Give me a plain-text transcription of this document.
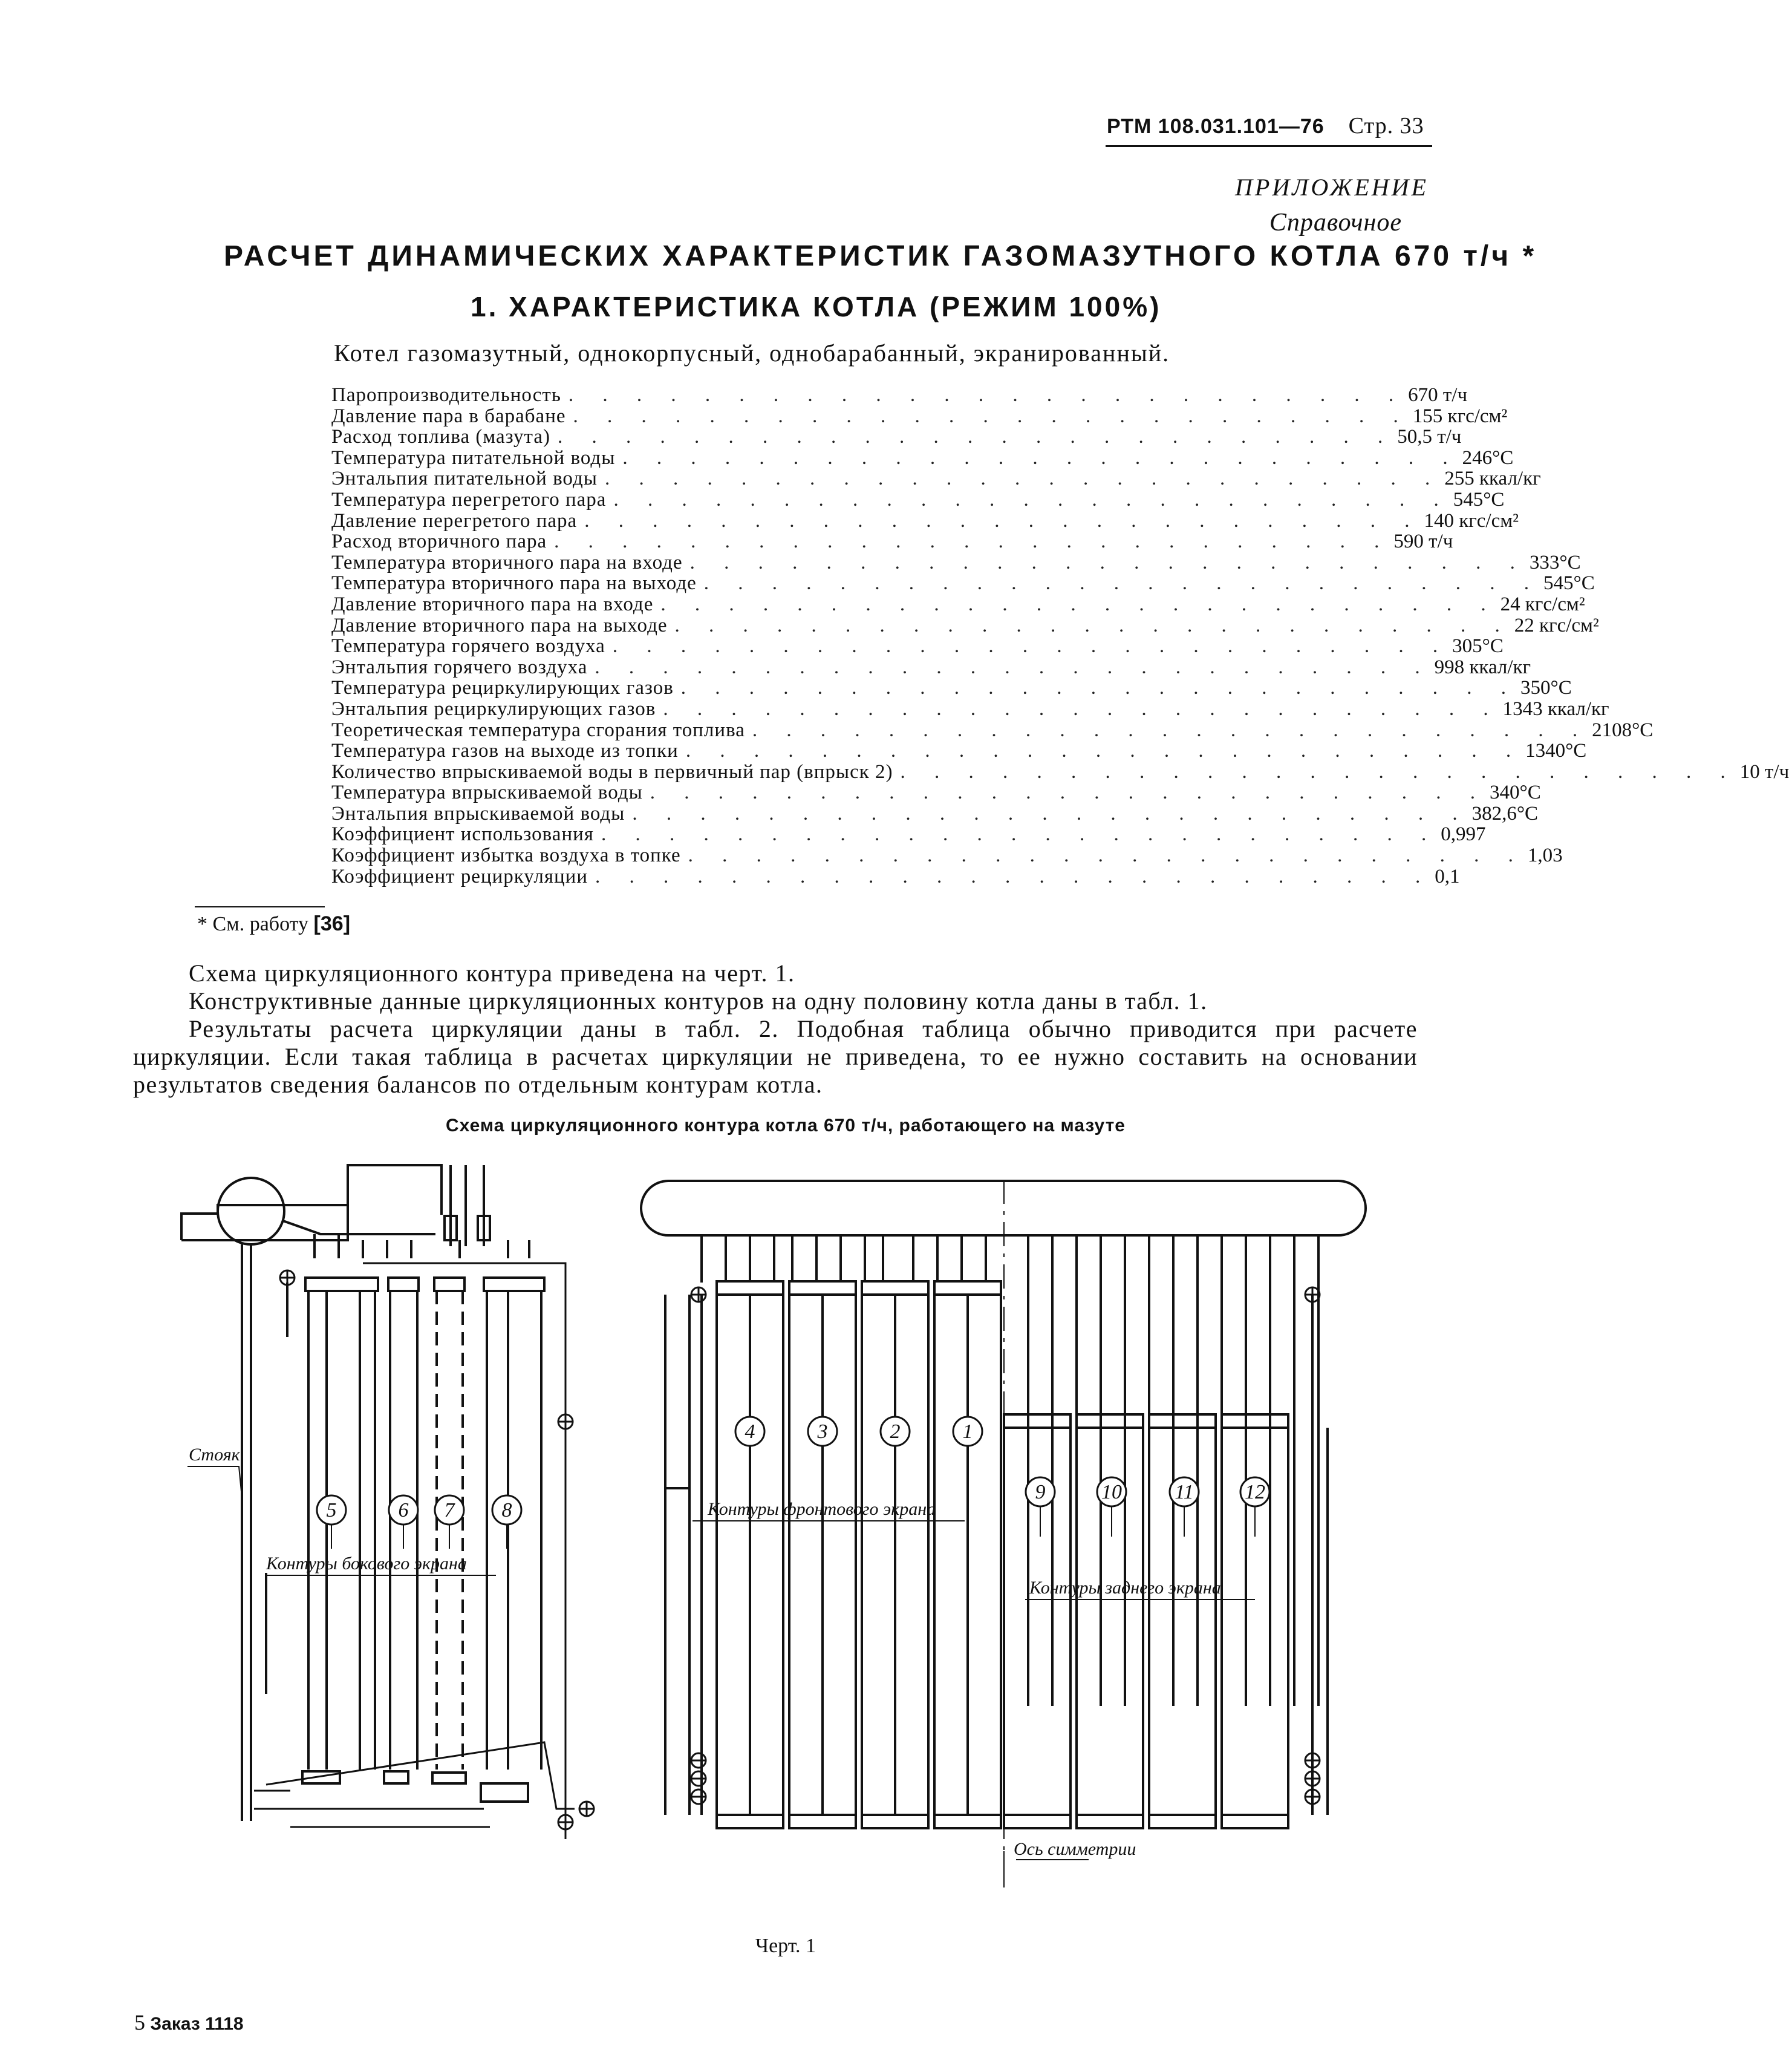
РТМ 108.031.101—76 Стр. 33
ПРИЛОЖЕНИЕ
Справочное
РАСЧЕТ ДИНАМИЧЕСКИХ ХАРАКТЕРИСТИК ГАЗОМАЗУТНОГО КОТЛА 670 т/ч *
1. ХАРАКТЕРИСТИКА КОТЛА (РЕЖИМ 100%)
Котел газомазутный, однокорпусный, однобарабанный, экранированный.
Паропроизводительность . . . . . . . . . . . . . . . . . . . . . . . . . 670 т/ч
Давление пара в барабане . . . . . . . . . . . . . . . . . . . . . . . . . 155 кгс/см²
Расход топлива (мазута) . . . . . . . . . . . . . . . . . . . . . . . . . 50,5 т/ч
Температура питательной воды . . . . . . . . . . . . . . . . . . . . . . . . . 246°С
Энтальпия питательной воды . . . . . . . . . . . . . . . . . . . . . . . . . 255 ккал/кг
Температура перегретого пара . . . . . . . . . . . . . . . . . . . . . . . . . 545°С
Давление перегретого пара . . . . . . . . . . . . . . . . . . . . . . . . . 140 кгс/см²
Расход вторичного пара . . . . . . . . . . . . . . . . . . . . . . . . . 590 т/ч
Температура вторичного пара на входе . . . . . . . . . . . . . . . . . . . . . . . . . 333°С
Температура вторичного пара на выходе . . . . . . . . . . . . . . . . . . . . . . . . . 545°С
Давление вторичного пара на входе . . . . . . . . . . . . . . . . . . . . . . . . . 24 кгс/см²
Давление вторичного пара на выходе . . . . . . . . . . . . . . . . . . . . . . . . . 22 кгс/см²
Температура горячего воздуха . . . . . . . . . . . . . . . . . . . . . . . . . 305°С
Энтальпия горячего воздуха . . . . . . . . . . . . . . . . . . . . . . . . . 998 ккал/кг
Температура рециркулирующих газов . . . . . . . . . . . . . . . . . . . . . . . . . 350°С
Энтальпия рециркулирующих газов . . . . . . . . . . . . . . . . . . . . . . . . . 1343 ккал/кг
Теоретическая температура сгорания топлива . . . . . . . . . . . . . . . . . . . . . . . . . 2108°С
Температура газов на выходе из топки . . . . . . . . . . . . . . . . . . . . . . . . . 1340°С
Количество впрыскиваемой воды в первичный пар (впрыск 2) . . . . . . . . . . . . . . . . . . . . . . . . . 10 т/ч
Температура впрыскиваемой воды . . . . . . . . . . . . . . . . . . . . . . . . . 340°С
Энтальпия впрыскиваемой воды . . . . . . . . . . . . . . . . . . . . . . . . . 382,6°С
Коэффициент использования . . . . . . . . . . . . . . . . . . . . . . . . . 0,997
Коэффициент избытка воздуха в топке . . . . . . . . . . . . . . . . . . . . . . . . . 1,03
Коэффициент рециркуляции . . . . . . . . . . . . . . . . . . . . . . . . . 0,1
* См. работу [36]

Схема циркуляционного контура приведена на черт. 1.

Конструктивные данные циркуляционных контуров на одну половину котла даны в табл. 1.

Результаты расчета циркуляции даны в табл. 2. Подобная таблица обычно приводится при расчете циркуляции. Если такая таблица в расчетах циркуляции не приведена, то ее нужно составить на основании результатов сведения балансов по отдельным контурам котла.

Схема циркуляционного контура котла 670 т/ч, работающего на мазуте
5	6 7 8
4	3	2	1
9	10	11 12
Стояк
Контуры бокового экрана
Контуры фронтового экрана
Контуры заднего экрана
Ось симметрии
Черт. 1
5 Заказ 1118
